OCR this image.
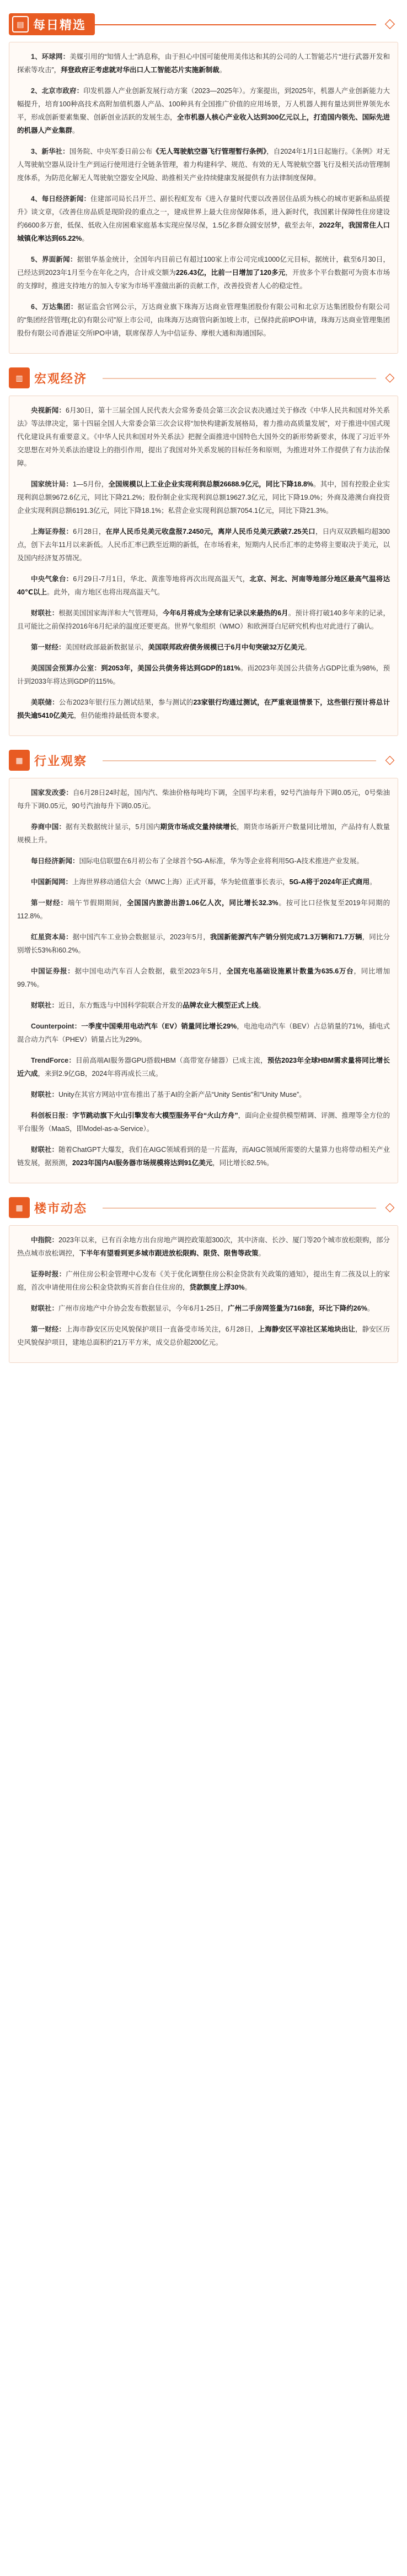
▤ 每日精选	◇

1、环球网：美媒引用的“知情人士”消息称，由于担心中国可能使用美伟达和其的公司的人工智能芯片“进行武器开发和探索等攻击”，拜登政府正考虑就对华出口人工智能芯片实施新制裁。

2、北京市政府：印发机器人产业创新发展行动方案（2023—2025年）。方案提出，到2025年，机器人产业创新能力大幅提升，培育100种高技术高附加值机器人产品、100种具有全国推广价值的应用场景，万人机器人拥有量达到世界领先水平，形成创新要素集聚、创新创业活跃的发展生态，全市机器人核心产业收入达到300亿元以上，打造国内领先、国际先进的机器人产业集群。

3、新华社：国务院、中央军委日前公布《无人驾驶航空器飞行管理暂行条例》，自2024年1月1日起施行。《条例》对无人驾驶航空器从设计生产到运行使用进行全链条管理，着力构建科学、规范、有效的无人驾驶航空器飞行及相关活动管理制度体系，为防范化解无人驾驶航空器安全风险、助推相关产业持续健康发展提供有力法律制度保障。

4、每日经济新闻：住建部司局长吕开兰、副长程虹发布《进入存量时代要以改善居住品质为核心的城市更新和品质提升》谈文章，《改善住房品质是现阶段的重点之一，建成世界上最大住房保障体系，进入新时代，我国累计保障性住房建设约6600多万套，低保、低收入住房困难家庭基本实现应保尽保，1.5亿多群众圆安居梦，截至去年，2022年，我国常住人口城镇化率达到65.22%。

5、界面新闻：据银华基金统计，全国年内目前已有超过100家上市公司完成1000亿元目标，据统计，截至6月30日，已经达到2023年1月至今在年化之内，合计成交额为226.43亿，比前一日增加了120多元，开放多个平台数据可为资本市场的支撑时，推进支持地方的加入专家为市场平准做出新的贡献工作，改善投资者人心的稳定性。

6、万达集团：据证监会官网公示，万达商业旗下珠海万达商业管理集团股份有限公司和北京万达集团股份有限公司的“集团经营管理(北京)有限公司”原上市公司，由珠海万达商管向新加坡上市，已保持此前IPO申请，珠海万达商业管理集团股份有限公司香港证交所IPO申请，联席保荐人为中信证券、摩根大通和海通国际。

▥ 宏观经济	◇

央视新闻：6月30日，第十三届全国人民代表大会常务委员会第三次会议表决通过关于修改《中华人民共和国对外关系法》等法律决定，第十四届全国人大常委会第三次会议将“加快构建新发展格局，着力推动高质量发展”，对于推进中国式现代化建设具有重要意义。《中华人民共和国对外关系法》把握全面推进中国特色大国外交的新形势新要求，体现了习近平外交思想在对外关系法治建设上的指引作用，提出了我国对外关系发展的目标任务和原则，为推进对外工作提供了有力法治保障。

国家统计局：1—5月份，全国规模以上工业企业实现利润总额26688.9亿元，同比下降18.8%。其中，国有控股企业实现利润总额9672.6亿元，同比下降21.2%；股份制企业实现利润总额19627.3亿元，同比下降19.0%；外商及港澳台商投资企业实现利润总额6191.3亿元，同比下降18.1%；私营企业实现利润总额7054.1亿元，同比下降21.3%。

上海证券报：6月28日，在岸人民币兑美元收盘报7.2450元，离岸人民币兑美元跌破7.25关口，日内双双跌幅均超300点，创下去年11月以来新低。人民币汇率已跌至近期的新低，在市场看来，短期内人民币汇率的走势将主要取决于美元，以及国内经济复苏情况。

中央气象台：6月29日-7月1日，华北、黄淮等地将再次出现高温天气，北京、河北、河南等地部分地区最高气温将达40℃以上。此外，南方地区也将出现高温天气。

财联社：根据美国国家海洋和大气管理局，今年6月将成为全球有记录以来最热的6月。预计将打破140多年来的记录，且可能比之前保持2016年6月纪录的温度还要更高。世界气象组织（WMO）和欧洲哥白尼研究机构也对此进行了确认。

第一财经：美国财政部最新数据显示，美国联邦政府债务规模已于6月中旬突破32万亿美元。

美国国会预算办公室：到2053年，美国公共债务将达到GDP的181%。而2023年美国公共债务占GDP比重为98%，预计到2033年将达到GDP的115%。

美联储：公布2023年银行压力测试结果，参与测试的23家银行均通过测试，在严重衰退情景下，这些银行预计将总计损失逾5410亿美元，但仍能维持最低资本要求。

▦ 行业观察	◇

国家发改委：自6月28日24时起，国内汽、柴油价格每吨均下调，全国平均来看，92号汽油每升下调0.05元，0号柴油每升下调0.05元，90号汽油每升下调0.05元。

券商中国：据有关数据统计显示，5月国内期货市场成交量持续增长，期货市场新开户数量同比增加，产品持有人数量规模上升。

每日经济新闻：国际电信联盟在6月初公布了全球首个5G-A标准，华为等企业将利用5G-A技术推进产业发展。

中国新闻网：上海世界移动通信大会（MWC上海）正式开幕，华为轮值董事长表示，5G-A将于2024年正式商用。

第一财经：端午节假期期间，全国国内旅游出游1.06亿人次，同比增长32.3%。按可比口径恢复至2019年同期的112.8%。

红星资本局：据中国汽车工业协会数据显示，2023年5月，我国新能源汽车产销分别完成71.3万辆和71.7万辆，同比分别增长53%和60.2%。

中国证券报：据中国电动汽车百人会数据，截至2023年5月，全国充电基础设施累计数量为635.6万台，同比增加99.7%。

财联社：近日，东方甄选与中国科学院联合开发的品牌农业大模型正式上线。

Counterpoint：一季度中国乘用电动汽车（EV）销量同比增长29%，电池电动汽车（BEV）占总销量的71%，插电式混合动力汽车（PHEV）销量占比为29%。

TrendForce：目前高端AI服务器GPU搭载HBM（高带宽存储器）已成主流，预估2023年全球HBM需求量将同比增长近六成，来到2.9亿GB，2024年将再成长三成。

财联社：Unity在其官方网站中宣布推出了基于AI的全新产品“Unity Sentis”和“Unity Muse”。

科创板日报：字节跳动旗下火山引擎发布大模型服务平台“火山方舟”，面向企业提供模型精调、评测、推理等全方位的平台服务（MaaS，即Model-as-a-Service）。

财联社：随着ChatGPT大爆发，我们在AIGC领域看到的是一片蓝海，而AIGC领域所需要的大量算力也将带动相关产业链发展，据预测，2023年国内AI服务器市场规模将达到91亿美元，同比增长82.5%。

▦ 楼市动态	◇

中指院：2023年以来，已有百余地方出台房地产调控政策超300次，其中济南、长沙、厦门等20个城市放松限购，部分热点城市放松调控，下半年有望看到更多城市跟进放松限购、限贷、限售等政策。

证券时报：广州住房公积金管理中心发布《关于优化调整住房公积金贷款有关政策的通知》，提出生育二孩及以上的家庭，首次申请使用住房公积金贷款购买首套自住住房的，贷款额度上浮30%。

财联社：广州市房地产中介协会发布数据显示，今年6月1-25日，广州二手房网签量为7168套，环比下降约26%。

第一财经：上海市静安区历史风貌保护项目一直备受市场关注，6月28日，上海静安区平凉社区某地块出让，静安区历史风貌保护项目，建地总面积约21万平方米，成交总价超200亿元。
